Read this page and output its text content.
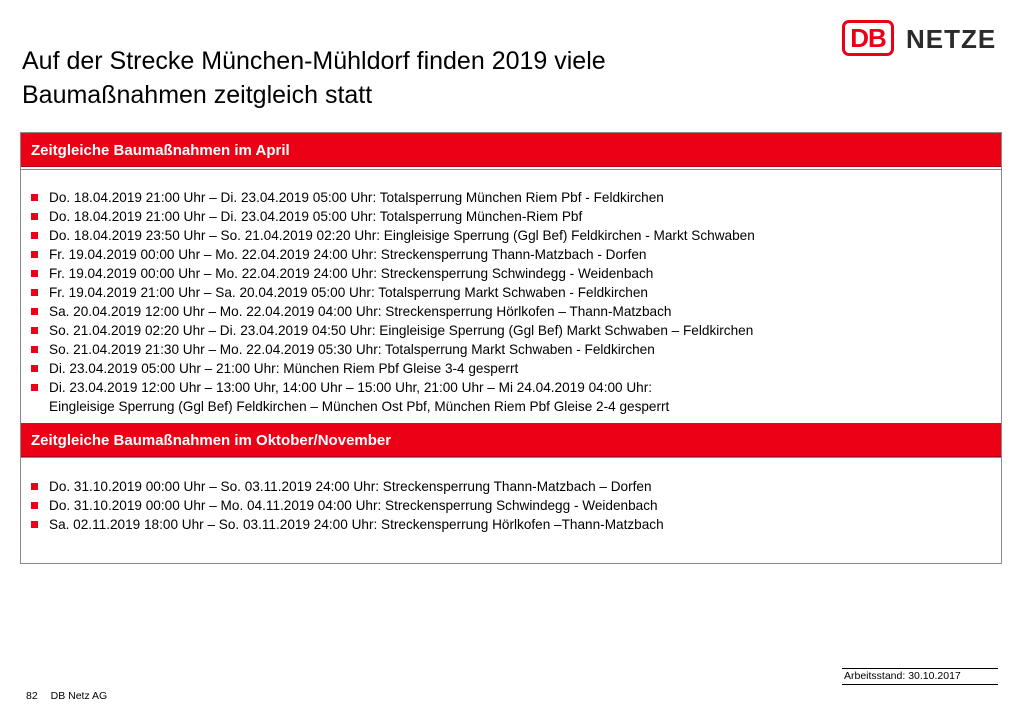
Auf der Strecke München-Mühldorf finden 2019 viele
Baumaßnahmen zeitgleich statt
DB NETZE
Zeitgleiche Baumaßnahmen im April
Do. 18.04.2019 21:00 Uhr – Di. 23.04.2019 05:00 Uhr: Totalsperrung München Riem Pbf - Feldkirchen
Do. 18.04.2019 21:00 Uhr – Di. 23.04.2019 05:00 Uhr: Totalsperrung München-Riem Pbf
Do. 18.04.2019 23:50 Uhr – So. 21.04.2019 02:20 Uhr: Eingleisige Sperrung (Ggl Bef) Feldkirchen - Markt Schwaben
Fr. 19.04.2019 00:00 Uhr – Mo. 22.04.2019 24:00 Uhr: Streckensperrung Thann-Matzbach - Dorfen
Fr. 19.04.2019 00:00 Uhr – Mo. 22.04.2019 24:00 Uhr: Streckensperrung Schwindegg - Weidenbach
Fr. 19.04.2019 21:00 Uhr – Sa. 20.04.2019 05:00 Uhr: Totalsperrung Markt Schwaben - Feldkirchen
Sa. 20.04.2019 12:00 Uhr – Mo. 22.04.2019 04:00 Uhr: Streckensperrung Hörlkofen – Thann-Matzbach
So. 21.04.2019 02:20 Uhr – Di. 23.04.2019 04:50 Uhr: Eingleisige Sperrung (Ggl Bef) Markt Schwaben – Feldkirchen
So. 21.04.2019 21:30 Uhr – Mo. 22.04.2019 05:30 Uhr: Totalsperrung Markt Schwaben - Feldkirchen
Di. 23.04.2019 05:00 Uhr – 21:00 Uhr: München Riem Pbf Gleise 3-4 gesperrt
Di. 23.04.2019 12:00 Uhr – 13:00 Uhr, 14:00 Uhr – 15:00 Uhr, 21:00 Uhr – Mi 24.04.2019 04:00 Uhr:
Eingleisige Sperrung (Ggl Bef) Feldkirchen – München Ost Pbf, München Riem Pbf Gleise 2-4 gesperrt
Zeitgleiche Baumaßnahmen im Oktober/November
Do. 31.10.2019 00:00 Uhr – So. 03.11.2019 24:00 Uhr: Streckensperrung Thann-Matzbach – Dorfen
Do. 31.10.2019 00:00 Uhr – Mo. 04.11.2019 04:00 Uhr: Streckensperrung Schwindegg - Weidenbach
Sa. 02.11.2019 18:00 Uhr – So. 03.11.2019 24:00 Uhr: Streckensperrung Hörlkofen –Thann-Matzbach
Arbeitsstand: 30.10.2017
82 DB Netz AG
